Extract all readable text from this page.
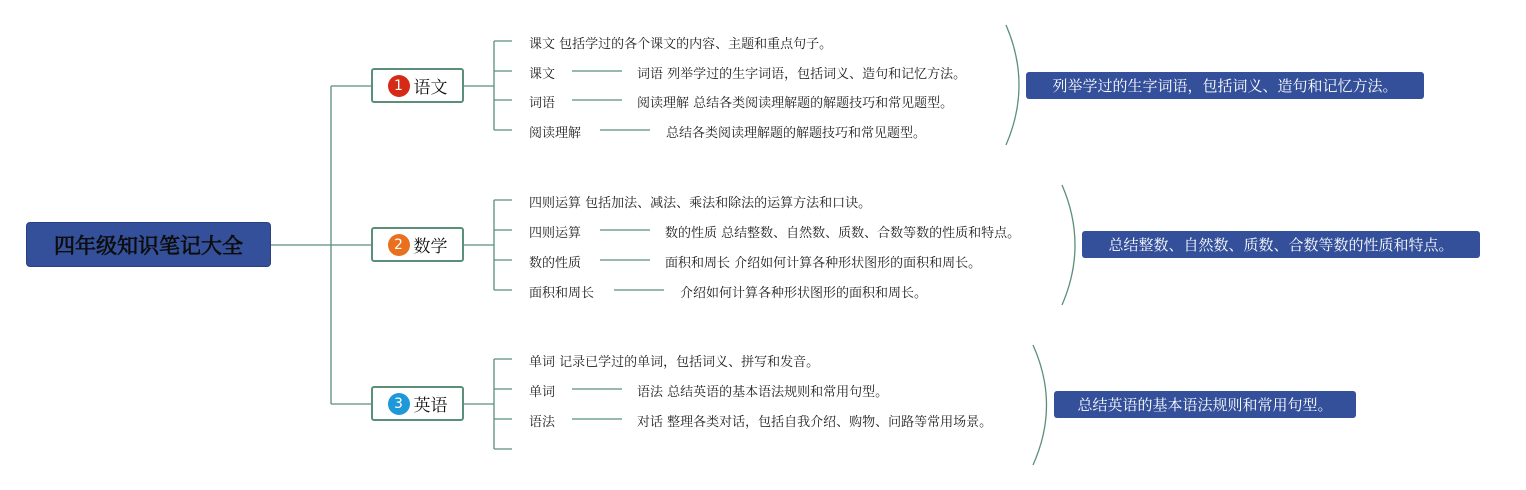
四年级知识笔记大全
1 语文
课文 包括学过的各个课文的内容、主题和重点句子。
课文	词语 列举学过的生字词语，包括词义、造句和记忆方法。
词语	阅读理解 总结各类阅读理解题的解题技巧和常见题型。
阅读理解	总结各类阅读理解题的解题技巧和常见题型。
列举学过的生字词语，包括词义、造句和记忆方法。
2 数学
四则运算 包括加法、减法、乘法和除法的运算方法和口诀。
四则运算	数的性质 总结整数、自然数、质数、合数等数的性质和特点。
数的性质	面积和周长 介绍如何计算各种形状图形的面积和周长。
面积和周长	介绍如何计算各种形状图形的面积和周长。
总结整数、自然数、质数、合数等数的性质和特点。
3 英语
单词 记录已学过的单词，包括词义、拼写和发音。
单词	语法 总结英语的基本语法规则和常用句型。
语法	对话 整理各类对话，包括自我介绍、购物、问路等常用场景。
总结英语的基本语法规则和常用句型。
